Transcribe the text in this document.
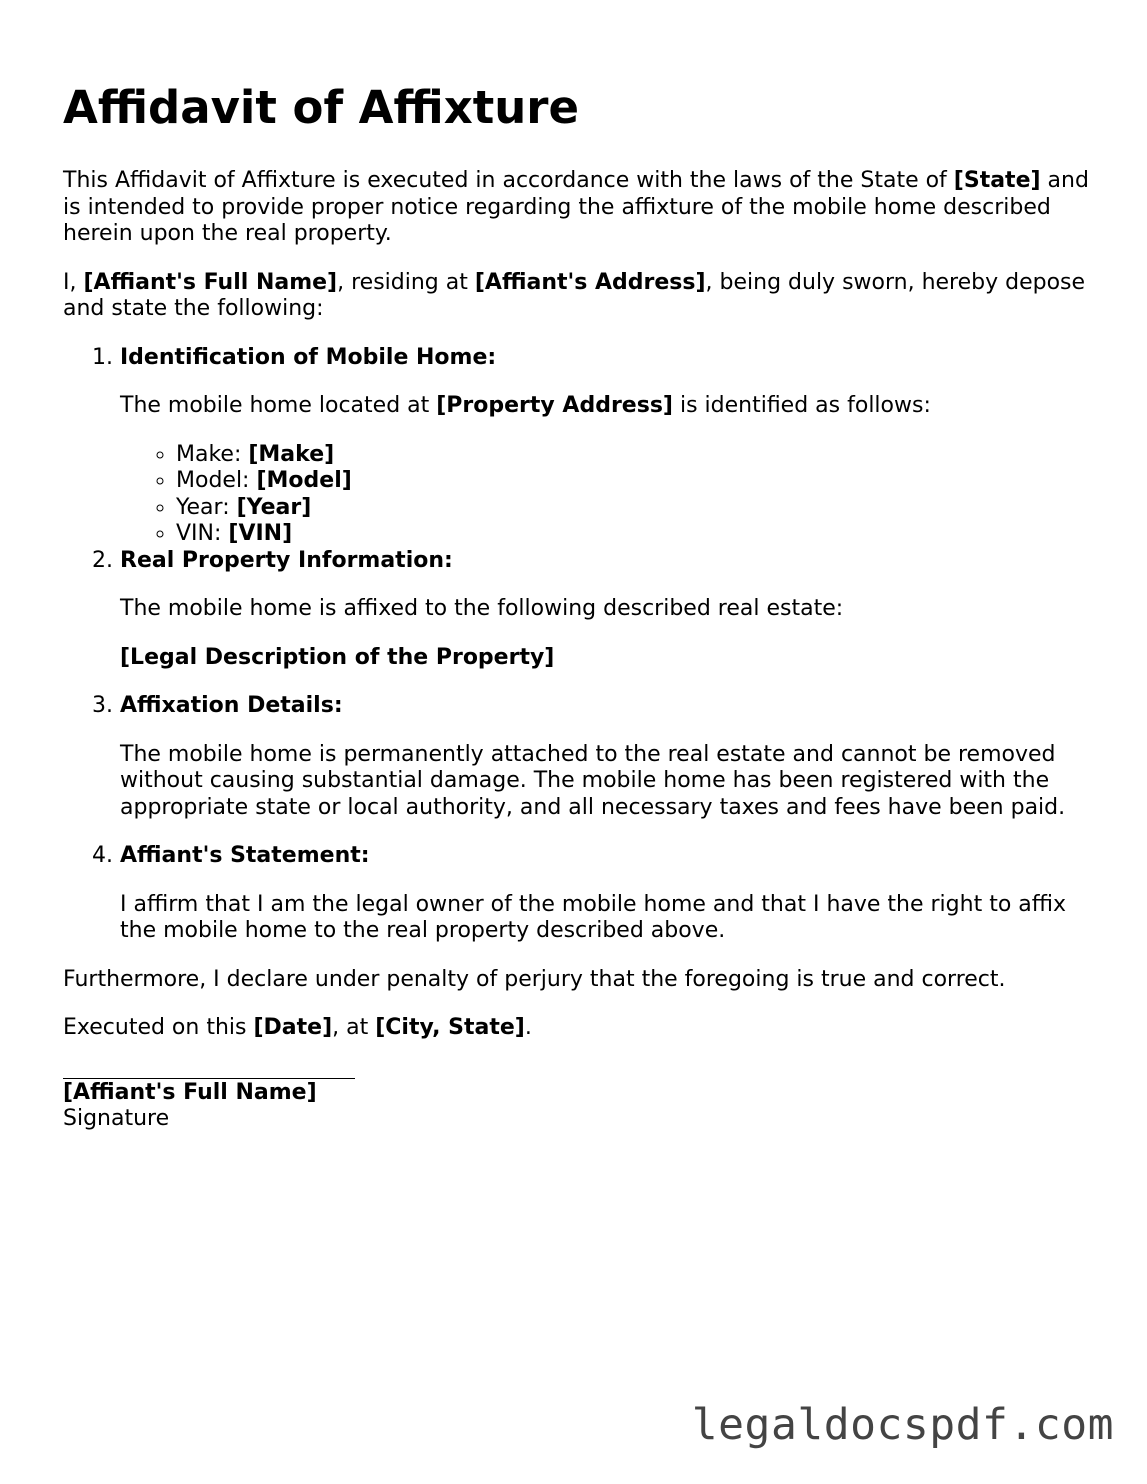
Affidavit of Affixture

This Affidavit of Affixture is executed in accordance with the laws of the State of [State] and is intended to provide proper notice regarding the affixture of the mobile home described herein upon the real property.

I, [Affiant's Full Name], residing at [Affiant's Address], being duly sworn, hereby depose and state the following:

1. Identification of Mobile Home:

The mobile home located at [Property Address] is identified as follows:

◦ Make: [Make]
◦ Model: [Model]
◦ Year: [Year]
◦ VIN: [VIN]
2. Real Property Information:

The mobile home is affixed to the following described real estate:

[Legal Description of the Property]

3. Affixation Details:

The mobile home is permanently attached to the real estate and cannot be removed without causing substantial damage. The mobile home has been registered with the appropriate state or local authority, and all necessary taxes and fees have been paid.

4. Affiant's Statement:

I affirm that I am the legal owner of the mobile home and that I have the right to affix the mobile home to the real property described above.

Furthermore, I declare under penalty of perjury that the foregoing is true and correct.

Executed on this [Date], at [City, State].

[Affiant's Full Name]
Signature
legaldocspdf.com
